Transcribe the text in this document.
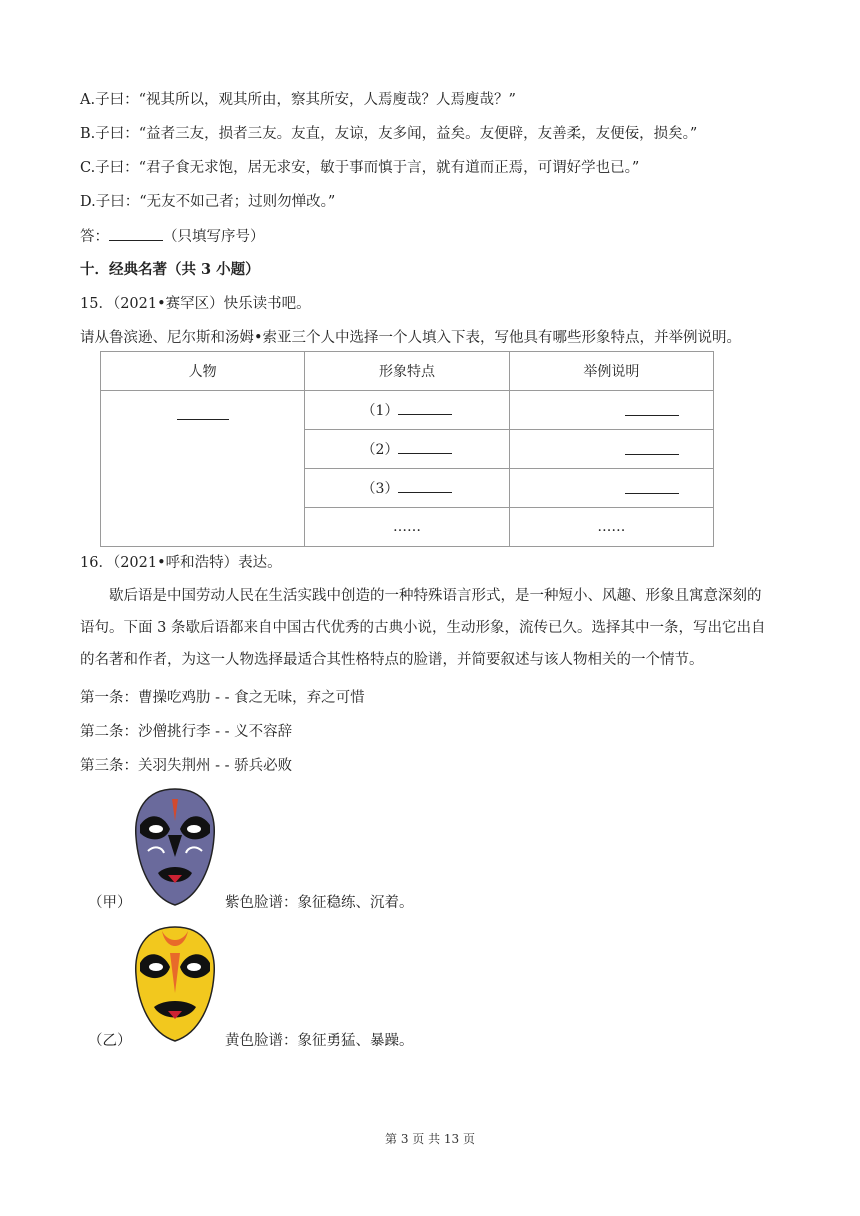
A.子曰：“视其所以，观其所由，察其所安，人焉廋哉？人焉廋哉？”
B.子曰：“益者三友，损者三友。友直，友谅，友多闻，益矣。友便辟，友善柔，友便佞，损矣。”
C.子曰：“君子食无求饱，居无求安，敏于事而慎于言，就有道而正焉，可谓好学也已。”
D.子曰：“无友不如己者；过则勿惮改。”
答：	（只填写序号）
十．经典名著（共 3 小题）
15．（2021•赛罕区）快乐读书吧。
请从鲁滨逊、尼尔斯和汤姆•索亚三个人中选择一个人填入下表，写他具有哪些形象特点，并举例说明。
人物	形象特点	举例说明
	（1）	
	（2）	
	（3）	
	……	……
16．（2021•呼和浩特）表达。
歇后语是中国劳动人民在生活实践中创造的一种特殊语言形式，是一种短小、风趣、形象且寓意深刻的语句。下面 3 条歇后语都来自中国古代优秀的古典小说，生动形象，流传已久。选择其中一条，写出它出自的名著和作者，为这一人物选择最适合其性格特点的脸谱，并简要叙述与该人物相关的一个情节。
第一条：曹操吃鸡肋 - - 食之无味，弃之可惜
第二条：沙僧挑行李 - - 义不容辞
第三条：关羽失荆州 - - 骄兵必败
（甲）	紫色脸谱：象征稳练、沉着。
（乙）	黄色脸谱：象征勇猛、暴躁。
第 3 页 共 13 页
